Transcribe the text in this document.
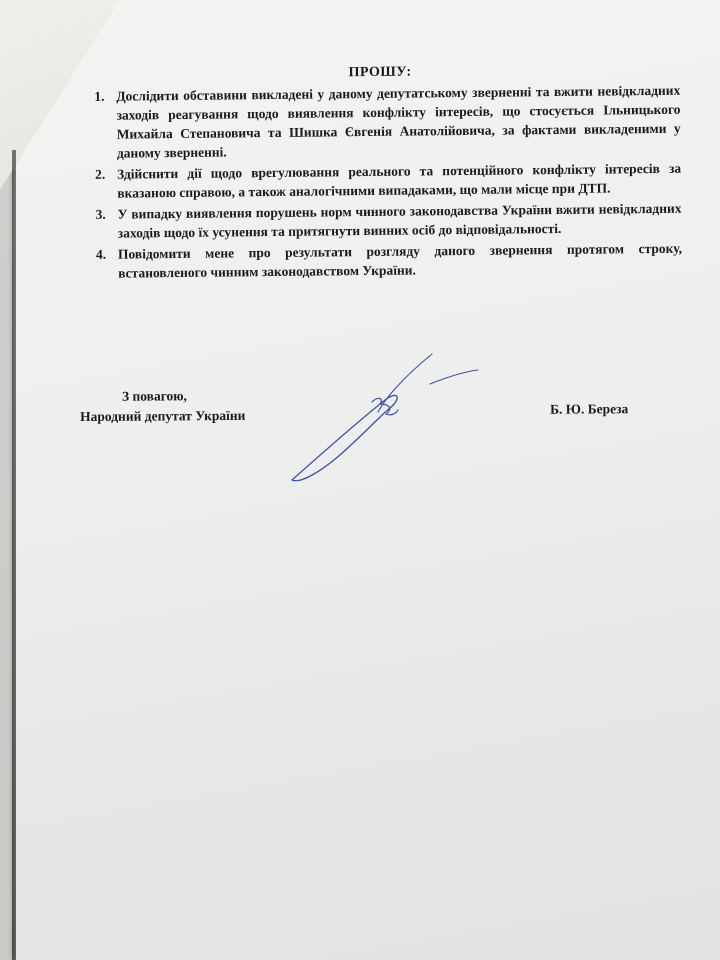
ПРОШУ:
1. Дослідити обставини викладені у даному депутатському зверненні та вжити невідкладних заходів реагування щодо виявлення конфлікту інтересів, що стосується Ільницького Михайла Степановича та Шишка Євгенія Анатолійовича, за фактами викладеними у даному зверненні.
2. Здійснити дії щодо врегулювання реального та потенційного конфлікту інтересів за вказаною справою, а також аналогічними випадаками, що мали місце при ДТП.
3. У випадку виявлення порушень норм чинного законодавства України вжити невідкладних заходів щодо їх усунення та притягнути винних осіб до відповідальності.
4. Повідомити мене про результати розгляду даного звернення протягом строку, встановленого чинним законодавством України.
З повагою,
Народний депутат України	Б. Ю. Береза
